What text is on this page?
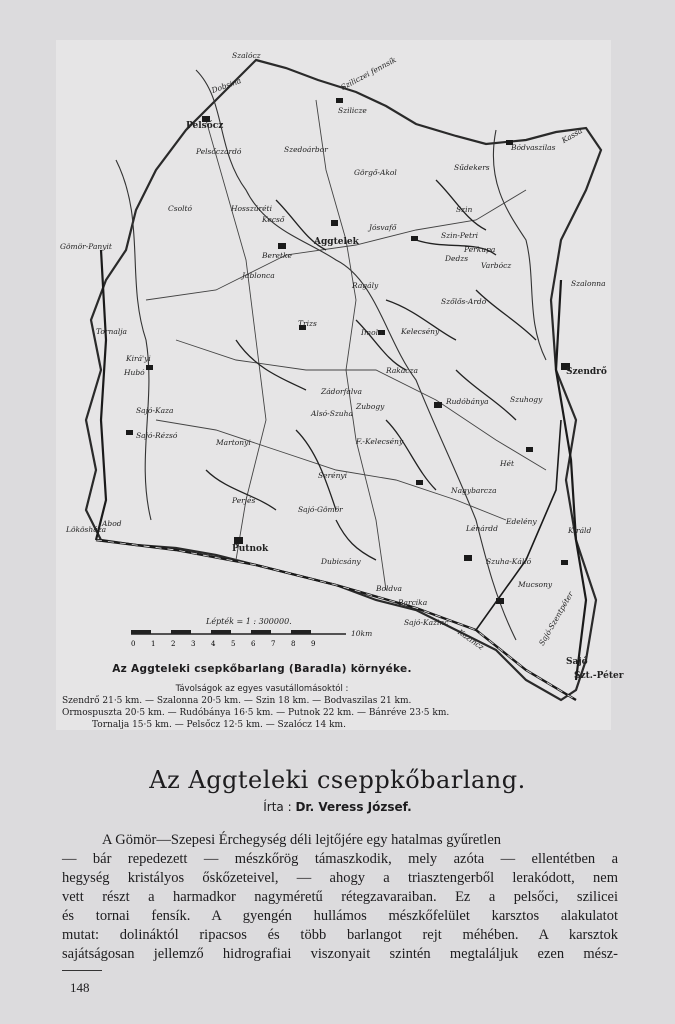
0 1 2 3 4 5 6 7 8 9
Szalócz	Sziliczei fennsík
Szilicze
Dobsina
Pelsőcz
Pelsőczardó	Szedoárbor
Görgő-Akol
Sűdekers
Bódvaszilas
Kassa
Csoltó	Hosszúréti
Kecső
Jósvafő
Szin
Szin-Petri
Aggtelek
Perkupa
Gömör-Panyit
Beretke
Varbócz
Jablonca
Dedzs
Ragály	Szalonna
Trizs
Szőlős-Ardó
Hubó
Kirá'yi
Imola Kelecsény
Tornalja
Szendrő
Szuhogy
Sajó-Kaza
Rudóbánya
Rakacza
Alsó-Szuha
Zubogy
Sajó-Rézsó
F.-Kelecsény
Hét
Martonyi
Perjés
Serényi
Putnok
Sajó-Gömör
Dubicsány
Lénárdd
Szuha-Kálló
Mucsony
Sajó-Szentpéter
Barcika
Edelény
Boldva
Sajó-Kazinc
Kazincz
Nagybarcza
Királd
Zádorfalva
Abod
Lökösháza
Sajó
Szt.-Péter
Lépték = 1 : 300000.
10km
Az Aggteleki csepkőbarlang (Baradla) környéke.
Távolságok az egyes vasutállomásoktól :
Szendrő 21·5 km. — Szalonna 20·5 km. — Szin 18 km. — Bodvaszilas 21 km.
Ormospuszta 20·5 km. — Rudóbánya 16·5 km. — Putnok 22 km. — Bánréve 23·5 km.
Tornalja 15·5 km. — Pelsőcz 12·5 km. — Szalócz 14 km.
Az Aggteleki cseppkőbarlang.
Írta : Dr. Veress József.
A Gömör—Szepesi Érchegység déli lejtőjére egy hatalmas gyűretlen
— bár repedezett — mészkőrög támaszkodik, mely azóta — ellentétben a
hegység kristályos őskőzeteivel, — ahogy a triasztengerből lerakódott, nem
vett részt a harmadkor nagyméretű rétegzavaraiban. Ez a pelsőci, szilicei
és tornai fensík. A gyengén hullámos mészkőfelület karsztos alakulatot
mutat: dolináktól ripacsos és több barlangot rejt méhében. A karsztok
sajátságosan jellemző hidrografiai viszonyait szintén megtaláljuk ezen mész-
148
